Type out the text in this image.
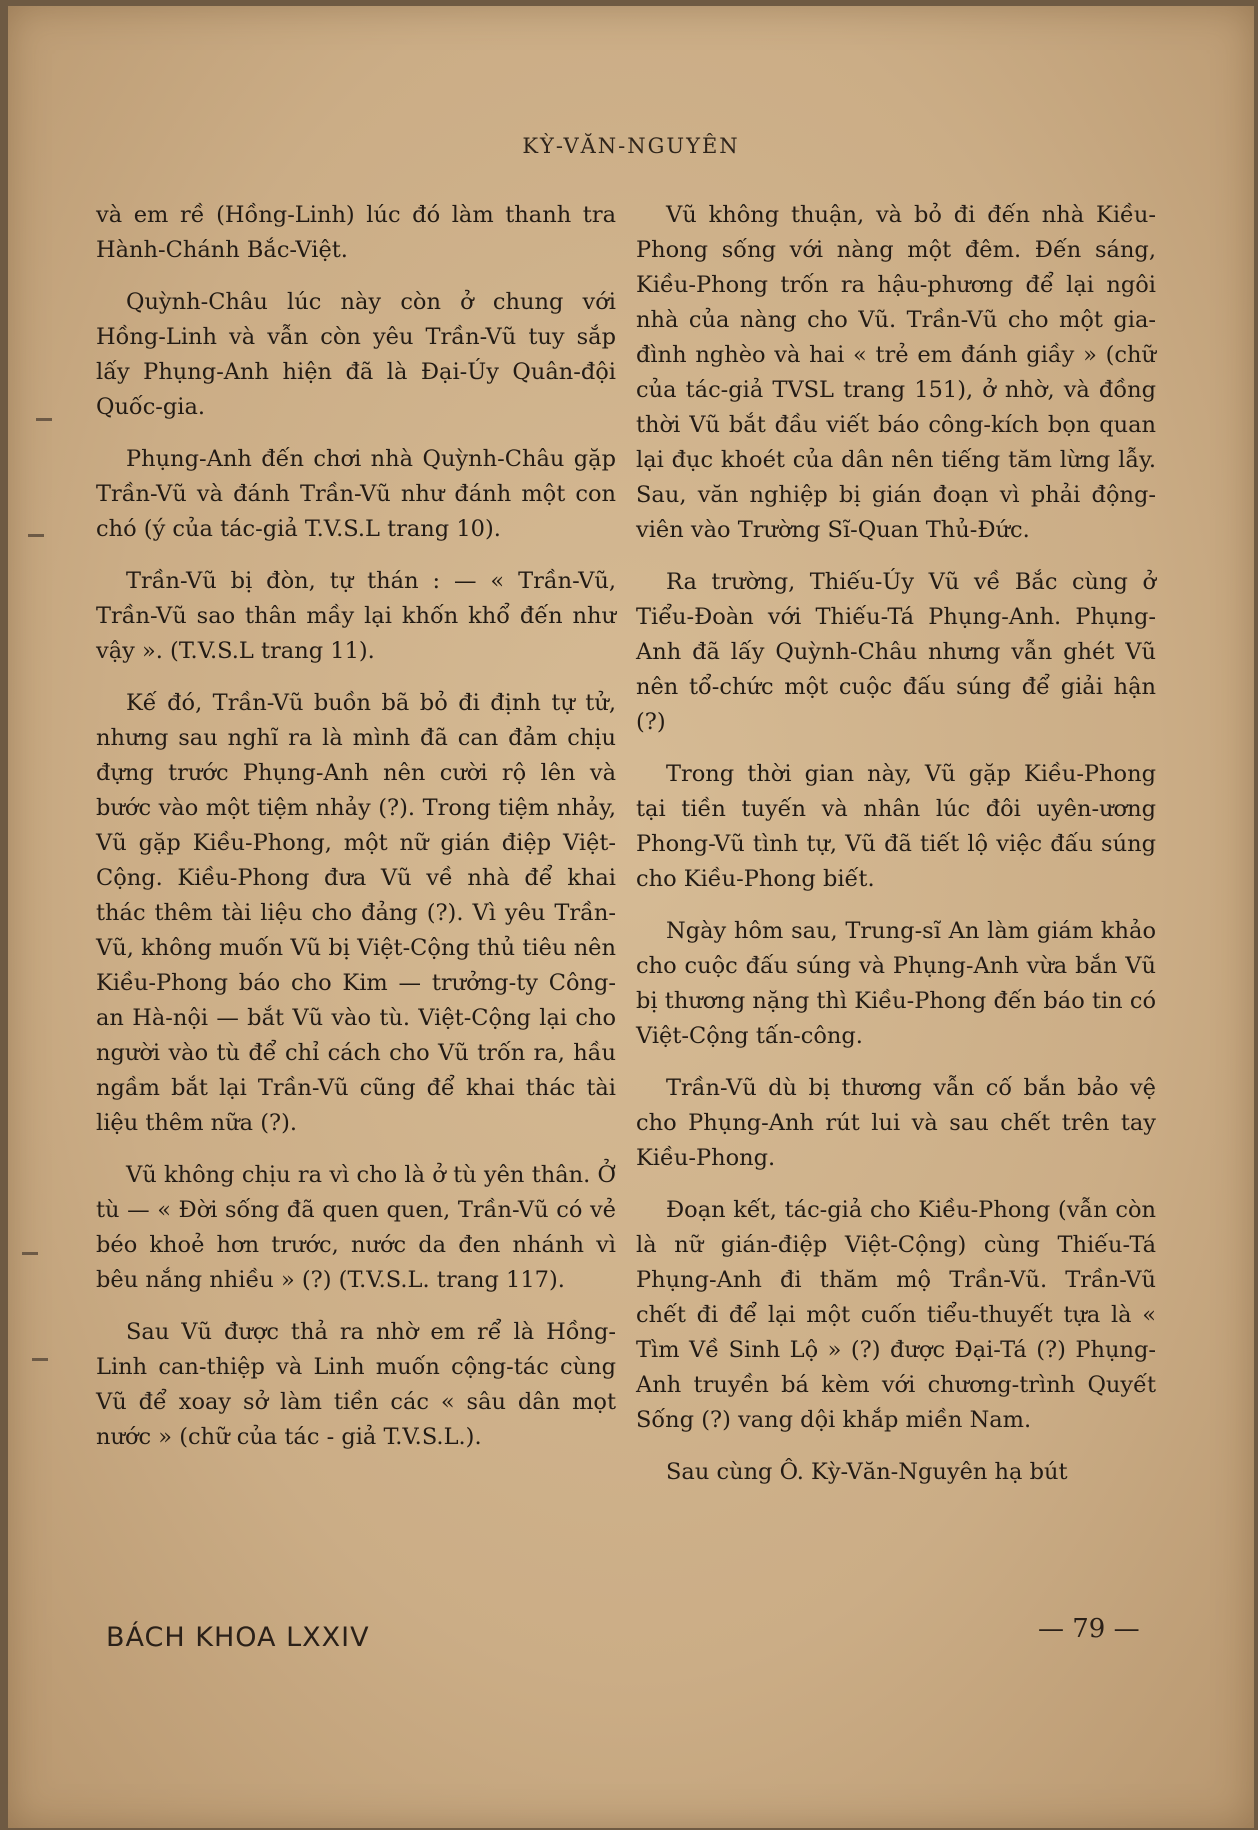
KỲ-VĂN-NGUYÊN

và em rề (Hồng-Linh) lúc đó làm thanh tra Hành-Chánh Bắc-Việt.

Quỳnh-Châu lúc này còn ở chung với Hồng-Linh và vẫn còn yêu Trần-Vũ tuy sắp lấy Phụng-Anh hiện đã là Đại-Úy Quân-đội Quốc-gia.

Phụng-Anh đến chơi nhà Quỳnh-Châu gặp Trần-Vũ và đánh Trần-Vũ như đánh một con chó (ý của tác-giả T.V.S.L trang 10).

Trần-Vũ bị đòn, tự thán : — « Trần-Vũ, Trần-Vũ sao thân mầy lại khốn khổ đến như vậy ». (T.V.S.L trang 11).

Kế đó, Trần-Vũ buồn bã bỏ đi định tự tử, nhưng sau nghĩ ra là mình đã can đảm chịu đựng trước Phụng-Anh nên cười rộ lên và bước vào một tiệm nhảy (?). Trong tiệm nhảy, Vũ gặp Kiều-Phong, một nữ gián điệp Việt-Cộng. Kiều-Phong đưa Vũ về nhà để khai thác thêm tài liệu cho đảng (?). Vì yêu Trần-Vũ, không muốn Vũ bị Việt-Cộng thủ tiêu nên Kiều-Phong báo cho Kim — trưởng-ty Công-an Hà-nội — bắt Vũ vào tù. Việt-Cộng lại cho người vào tù để chỉ cách cho Vũ trốn ra, hầu ngầm bắt lại Trần-Vũ cũng để khai thác tài liệu thêm nữa (?).

Vũ không chịu ra vì cho là ở tù yên thân. Ở tù — « Đời sống đã quen quen, Trần-Vũ có vẻ béo khoẻ hơn trước, nước da đen nhánh vì bêu nắng nhiều » (?) (T.V.S.L. trang 117).

Sau Vũ được thả ra nhờ em rể là Hồng-Linh can-thiệp và Linh muốn cộng-tác cùng Vũ để xoay sở làm tiền các « sâu dân mọt nước » (chữ của tác - giả T.V.S.L.).

Vũ không thuận, và bỏ đi đến nhà Kiều-Phong sống với nàng một đêm. Đến sáng, Kiều-Phong trốn ra hậu-phương để lại ngôi nhà của nàng cho Vũ. Trần-Vũ cho một gia-đình nghèo và hai « trẻ em đánh giầy » (chữ của tác-giả TVSL trang 151), ở nhờ, và đồng thời Vũ bắt đầu viết báo công-kích bọn quan lại đục khoét của dân nên tiếng tăm lừng lẫy. Sau, văn nghiệp bị gián đoạn vì phải động-viên vào Trường Sĩ-Quan Thủ-Đức.

Ra trường, Thiếu-Úy Vũ về Bắc cùng ở Tiểu-Đoàn với Thiếu-Tá Phụng-Anh. Phụng-Anh đã lấy Quỳnh-Châu nhưng vẫn ghét Vũ nên tổ-chức một cuộc đấu súng để giải hận (?)

Trong thời gian này, Vũ gặp Kiều-Phong tại tiền tuyến và nhân lúc đôi uyên-ương Phong-Vũ tình tự, Vũ đã tiết lộ việc đấu súng cho Kiều-Phong biết.

Ngày hôm sau, Trung-sĩ An làm giám khảo cho cuộc đấu súng và Phụng-Anh vừa bắn Vũ bị thương nặng thì Kiều-Phong đến báo tin có Việt-Cộng tấn-công.

Trần-Vũ dù bị thương vẫn cố bắn bảo vệ cho Phụng-Anh rút lui và sau chết trên tay Kiều-Phong.

Đoạn kết, tác-giả cho Kiều-Phong (vẫn còn là nữ gián-điệp Việt-Cộng) cùng Thiếu-Tá Phụng-Anh đi thăm mộ Trần-Vũ. Trần-Vũ chết đi để lại một cuốn tiểu-thuyết tựa là « Tìm Về Sinh Lộ » (?) được Đại-Tá (?) Phụng-Anh truyền bá kèm với chương-trình Quyết Sống (?) vang dội khắp miền Nam.

Sau cùng Ô. Kỳ-Văn-Nguyên hạ bút

BÁCH KHOA LXXIV	— 79 —
